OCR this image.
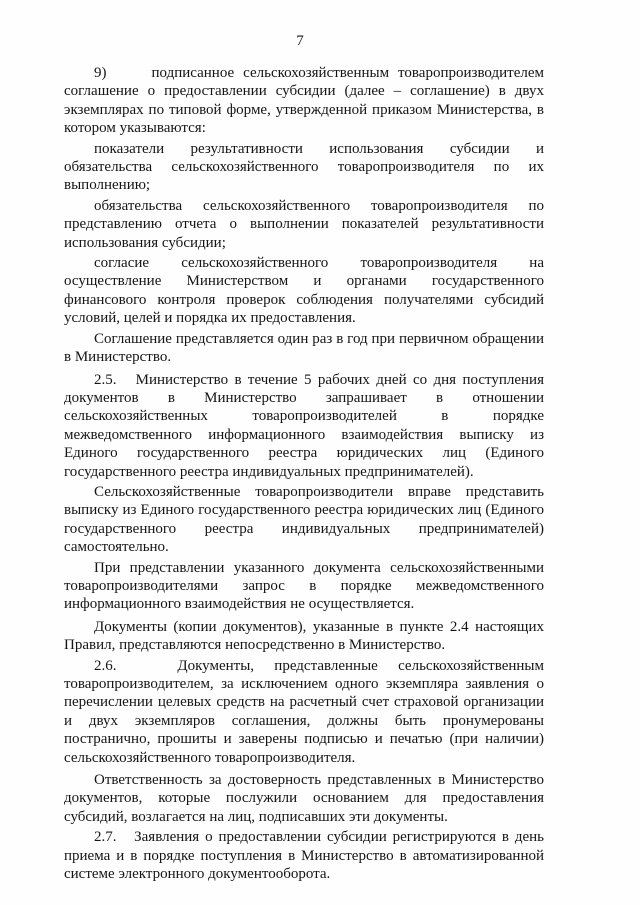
7

9)     подписанное сельскохозяйственным товаропроизводителем соглашение о предоставлении субсидии (далее – соглашение) в двух экземплярах по типовой форме, утвержденной приказом Министерства, в котором указываются:

показатели результативности использования субсидии и обязательства сельскохозяйственного товаропроизводителя по их выполнению;

обязательства сельскохозяйственного товаропроизводителя по представлению отчета о выполнении показателей результативности использования субсидии;

согласие сельскохозяйственного товаропроизводителя на осуществление Министерством и органами государственного финансового контроля проверок соблюдения получателями субсидий условий, целей и порядка их предоставления.

Соглашение представляется один раз в год при первичном обращении в Министерство.

2.5.   Министерство в течение 5 рабочих дней со дня поступления документов в Министерство запрашивает в отношении сельскохозяйственных товаропроизводителей в порядке межведомственного информационного взаимодействия выписку из Единого государственного реестра юридических лиц (Единого государственного реестра индивидуальных предпринимателей).

Сельскохозяйственные товаропроизводители вправе представить выписку из Единого государственного реестра юридических лиц (Единого государственного реестра индивидуальных предпринимателей) самостоятельно.

При представлении указанного документа сельскохозяйственными товаропроизводителями запрос в порядке межведомственного информационного взаимодействия не осуществляется.

Документы (копии документов), указанные в пункте 2.4 настоящих Правил, представляются непосредственно в Министерство.

2.6.   Документы, представленные сельскохозяйственным товаропроизводителем, за исключением одного экземпляра заявления о перечислении целевых средств на расчетный счет страховой организации и двух экземпляров соглашения, должны быть пронумерованы постранично, прошиты и заверены подписью и печатью (при наличии) сельскохозяйственного товаропроизводителя.

Ответственность за достоверность представленных в Министерство документов, которые послужили основанием для предоставления субсидий, возлагается на лиц, подписавших эти документы.

2.7.   Заявления о предоставлении субсидии регистрируются в день приема и в порядке поступления в Министерство в автоматизированной системе электронного документооборота.
